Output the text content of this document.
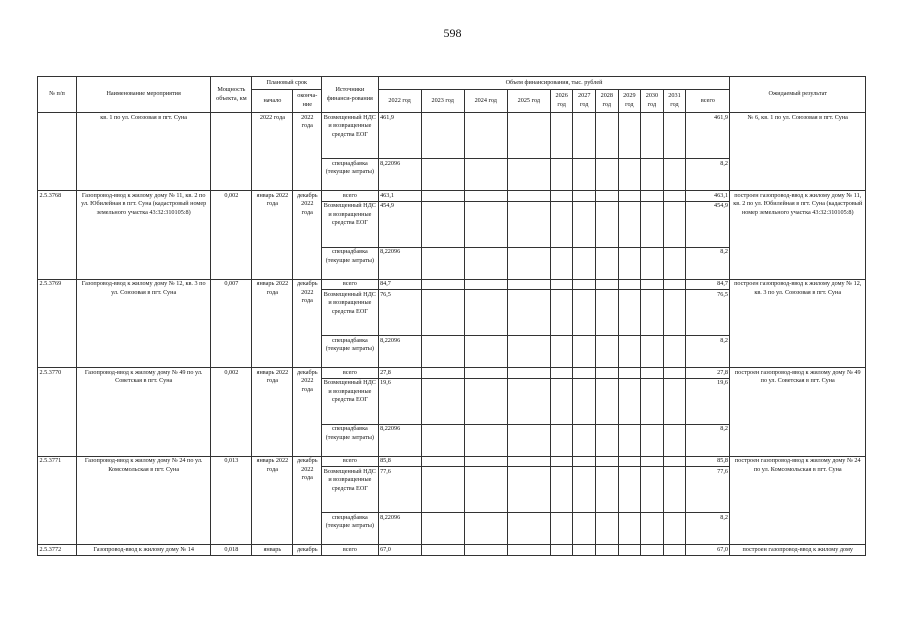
598
№ п/п	Наименование мероприятия	Мощность объекта, км	Плановый срок		Источники финанси-рования	Объем финансирования, тыс. рублей											Ожидаемый результат
			начало	оконча-ние		2022 год	2023 год	2024 год	2025 год	2026 год	2027 год	2028 год	2029 год	2030 год	2031 год	всего	

	кв. 1 по ул. Союзовая в пгт. Суна		2022 года	2022 года	Возмещенный НДС и возвращенные средства ЕОГ	461,9										461,9	№ 6, кв. 1 по ул. Союзовая в пгт. Суна
					спецнадбавка (текущие затраты)	8,22096										8,2	
2.5.3768	Газопровод-ввод к жилому дому № 11, кв. 2 по ул. Юбилейная в пгт. Суна (кадастровый номер земельного участка 43:32:310105:8)	0,002	январь 2022 года	декабрь 2022 года	всего	463,1										463,1	построен газопровод-ввод к жилому дому № 11, кв. 2 по ул. Юбилейная в пгт. Суна (кадастровый номер земельного участка 43:32:310105:8)
					Возмещенный НДС и возвращенные средства ЕОГ	454,9										454,9	
					спецнадбавка (текущие затраты)	8,22096										8,2	
2.5.3769	Газопровод-ввод к жилому дому № 12, кв. 3 по ул. Союзовая в пгт. Суна	0,007	январь 2022 года	декабрь 2022 года	всего	84,7										84,7	построен газопровод-ввод к жилому дому № 12, кв. 3 по ул. Союзовая в пгт. Суна
					Возмещенный НДС и возвращенные средства ЕОГ	76,5										76,5	
					спецнадбавка (текущие затраты)	8,22096										8,2	
2.5.3770	Газопровод-ввод к жилому дому № 49 по ул. Советская в пгт. Суна	0,002	январь 2022 года	декабрь 2022 года	всего	27,8										27,8	построен газопровод-ввод к жилому дому № 49 по ул. Советская в пгт. Суна
					Возмещенный НДС и возвращенные средства ЕОГ	19,6										19,6	
					спецнадбавка (текущие затраты)	8,22096										8,2	
2.5.3771	Газопровод-ввод к жилому дому № 24 по ул. Комсомольская в пгт. Суна	0,013	январь 2022 года	декабрь 2022 года	всего	85,8										85,8	построен газопровод-ввод к жилому дому № 24 по ул. Комсомольская в пгт. Суна
					Возмещенный НДС и возвращенные средства ЕОГ	77,6										77,6	
					спецнадбавка (текущие затраты)	8,22096										8,2	
2.5.3772	Газопровод-ввод к жилому дому № 14	0,018	январь	декабрь	всего	67,0										67,0	построен газопровод-ввод к жилому дому
